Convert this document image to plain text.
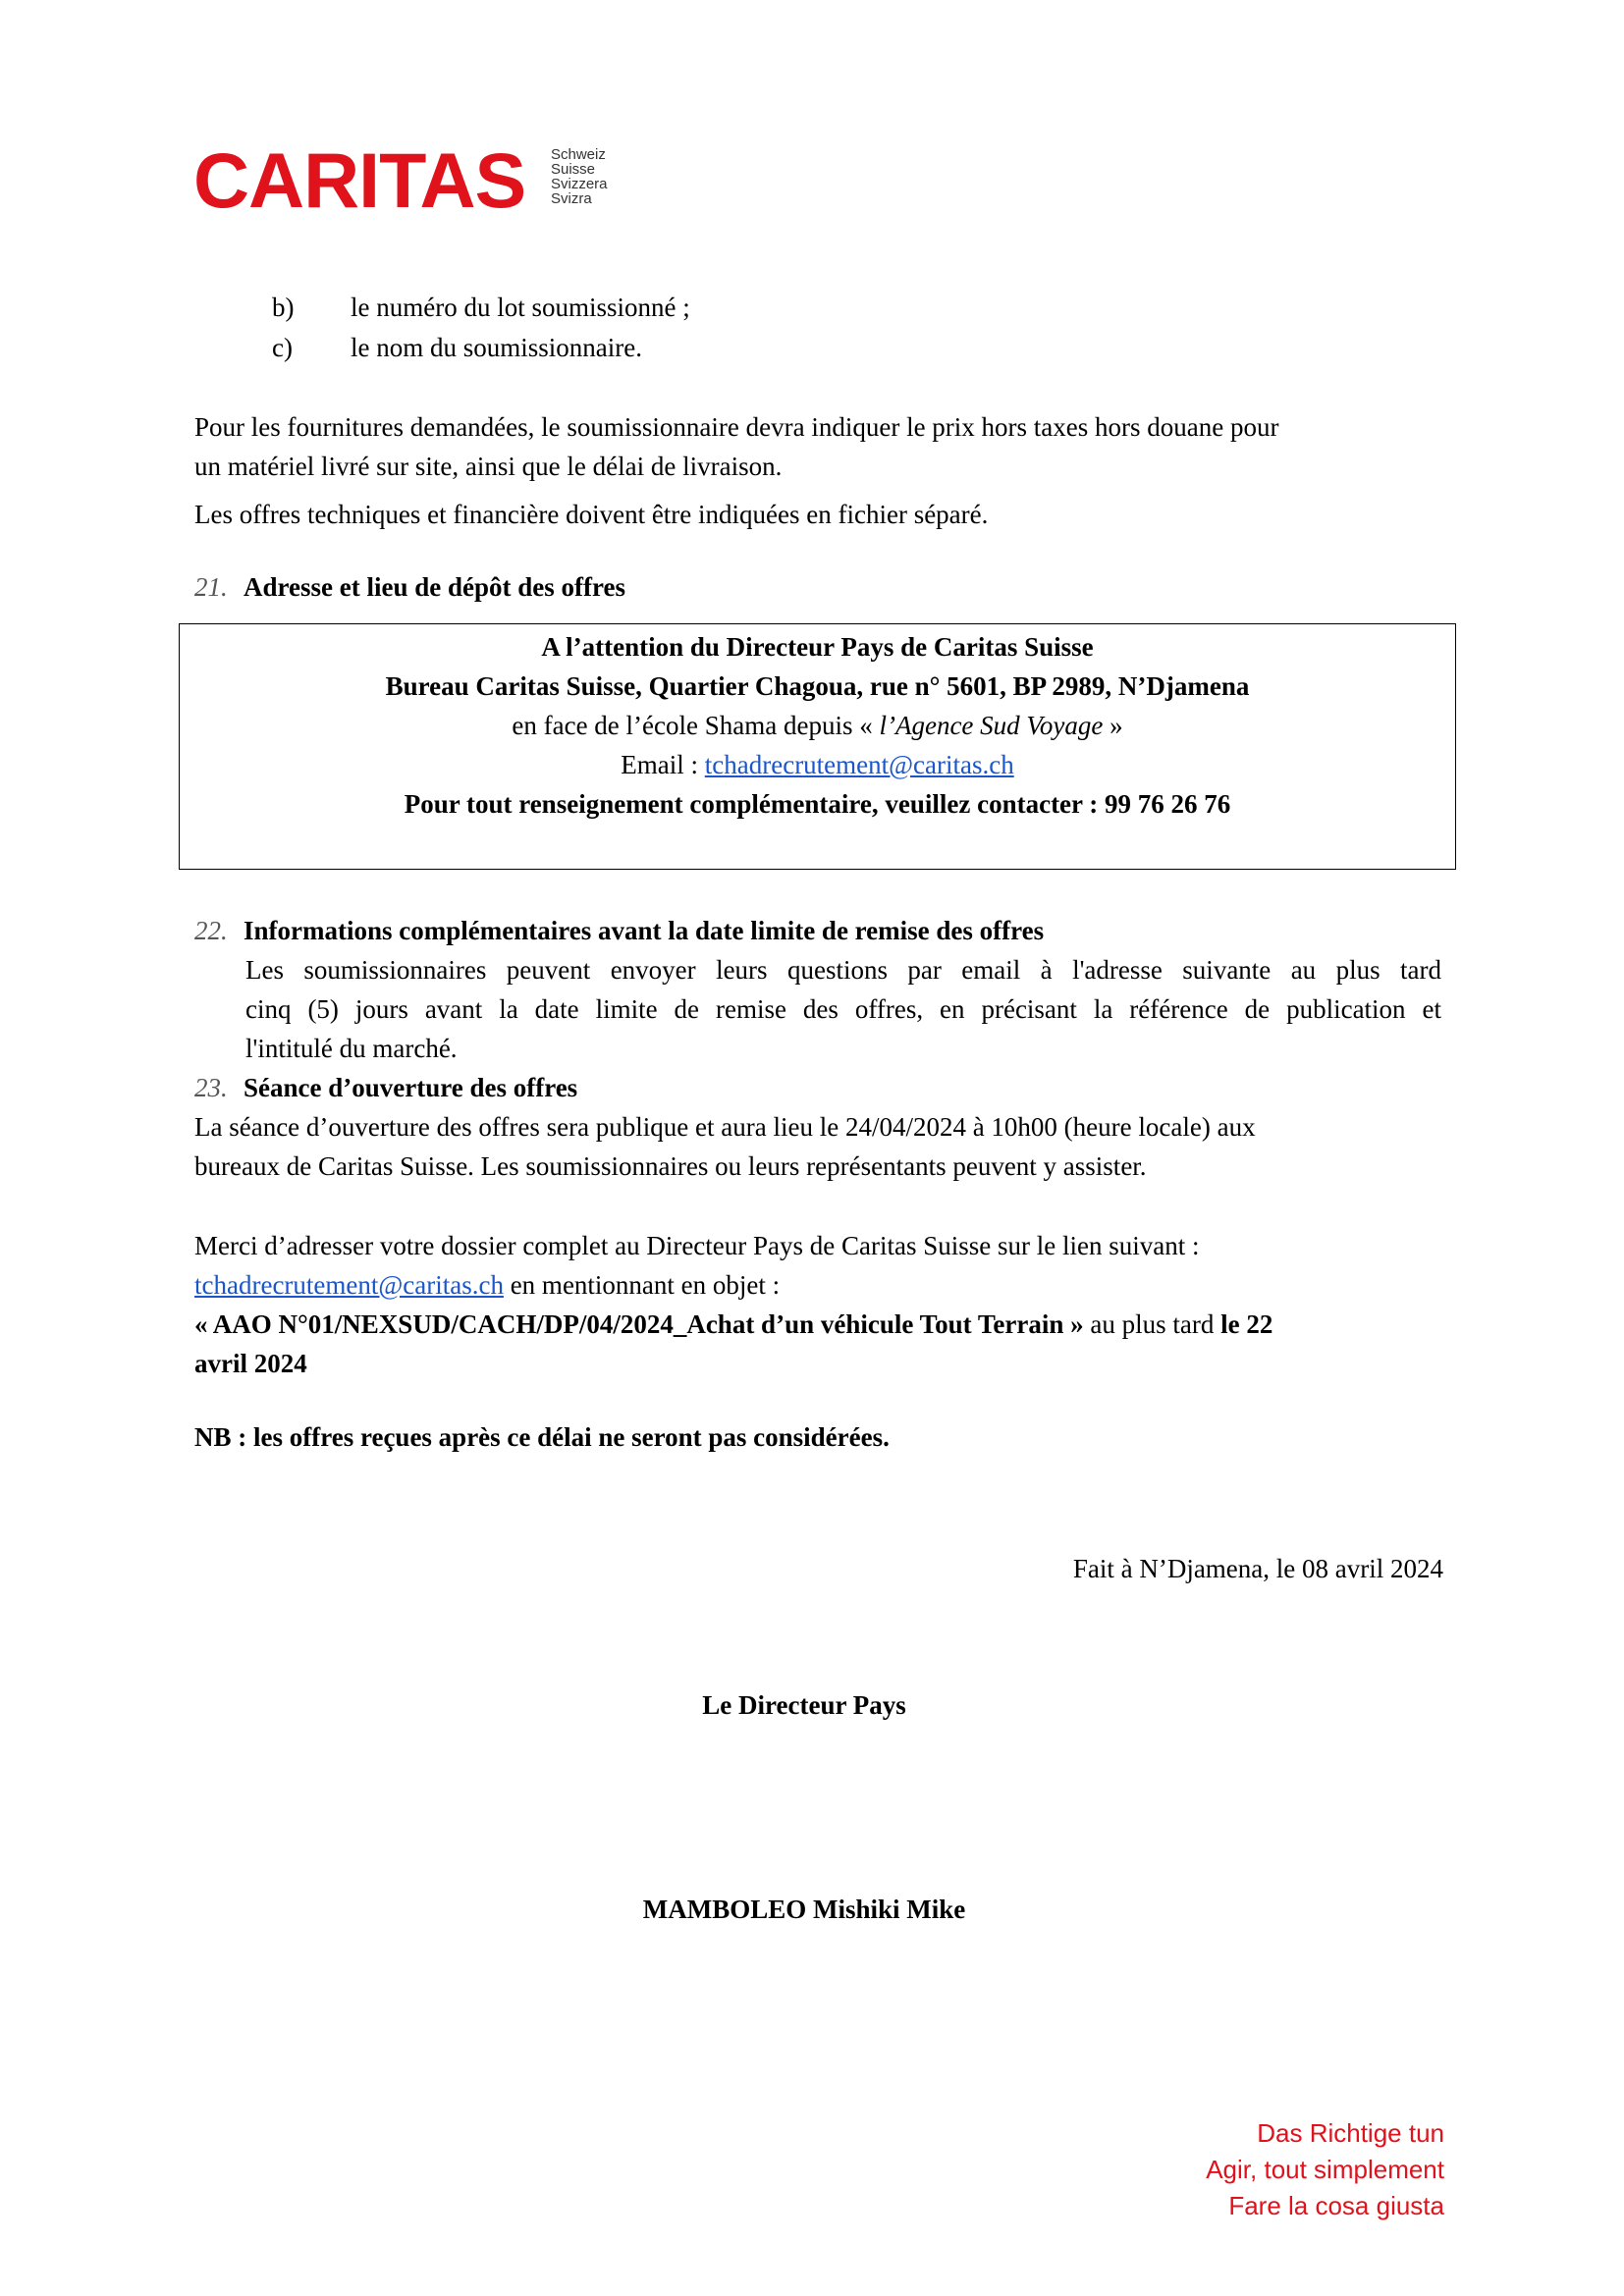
CARITAS Schweiz
Suisse
Svizzera
Svizra
b) le numéro du lot soumissionné ;
c) le nom du soumissionnaire.
Pour les fournitures demandées, le soumissionnaire devra indiquer le prix hors taxes hors douane pour
un matériel livré sur site, ainsi que le délai de livraison.
Les offres techniques et financière doivent être indiquées en fichier séparé.
21. Adresse et lieu de dépôt des offres
A l’attention du Directeur Pays de Caritas Suisse
Bureau Caritas Suisse, Quartier Chagoua, rue n° 5601, BP 2989, N’Djamena
en face de l’école Shama depuis « l’Agence Sud Voyage »
Email : tchadrecrutement@caritas.ch
Pour tout renseignement complémentaire, veuillez contacter : 99 76 26 76
22. Informations complémentaires avant la date limite de remise des offres
Les soumissionnaires peuvent envoyer leurs questions par email à l'adresse suivante au plus tard
cinq (5) jours avant la date limite de remise des offres, en précisant la référence de publication et
l'intitulé du marché.
23. Séance d’ouverture des offres
La séance d’ouverture des offres sera publique et aura lieu le 24/04/2024 à 10h00 (heure locale) aux
bureaux de Caritas Suisse. Les soumissionnaires ou leurs représentants peuvent y assister.
Merci d’adresser votre dossier complet au Directeur Pays de Caritas Suisse sur le lien suivant :
tchadrecrutement@caritas.ch en mentionnant en objet :
« AAO N°01/NEXSUD/CACH/DP/04/2024_Achat d’un véhicule Tout Terrain » au plus tard le 22
avril 2024
NB : les offres reçues après ce délai ne seront pas considérées.
Fait à N’Djamena, le 08 avril 2024
Le Directeur Pays
MAMBOLEO Mishiki Mike
Das Richtige tun
Agir, tout simplement
Fare la cosa giusta
